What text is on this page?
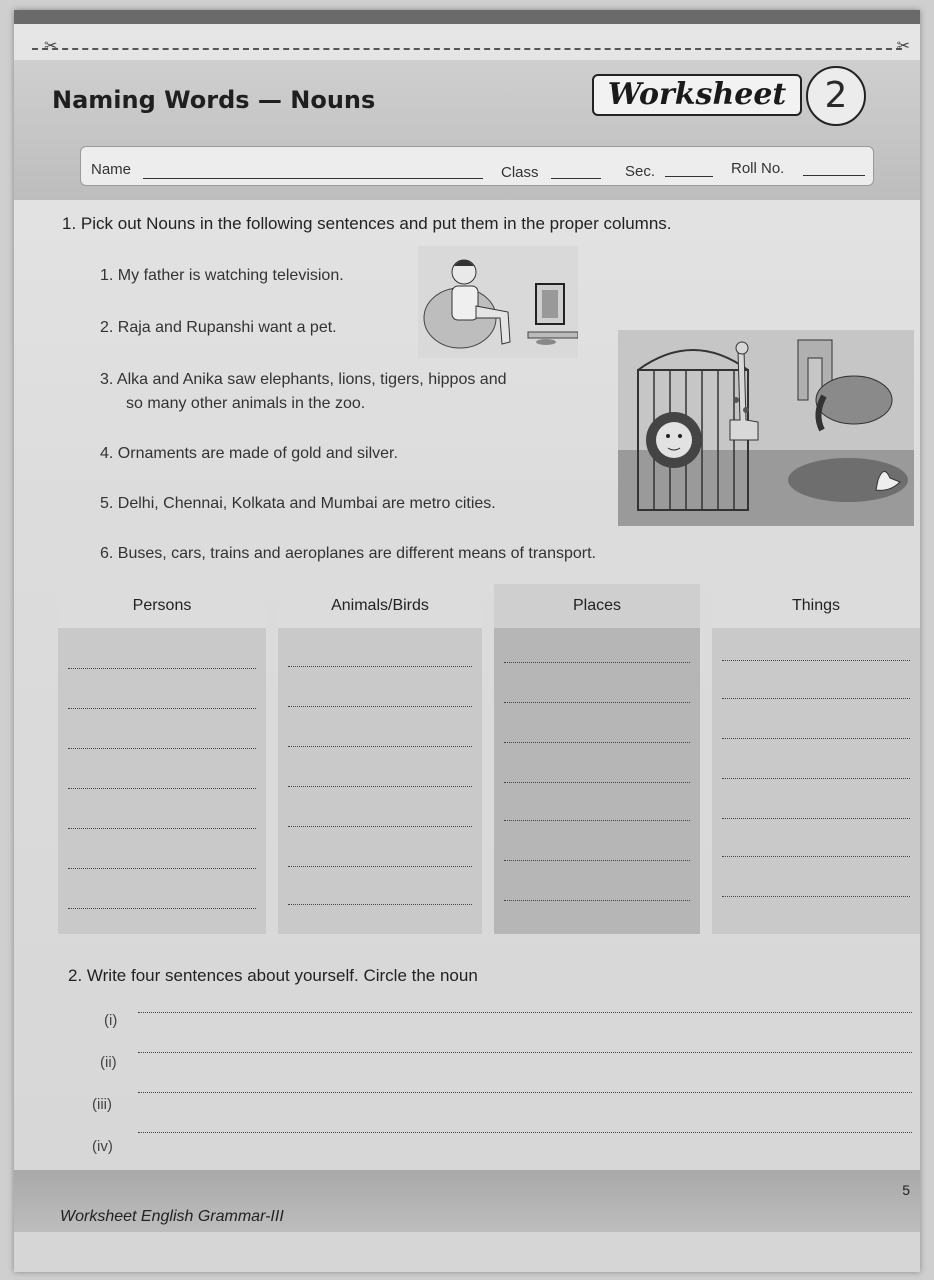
✂	✂
Naming Words — Nouns	Worksheet	2
Name	Class	Sec.	Roll No.
1. Pick out Nouns in the following sentences and put them in the proper columns.
1. My father is watching television.
2. Raja and Rupanshi want a pet.
3. Alka and Anika saw elephants, lions, tigers, hippos and
so many other animals in the zoo.
4. Ornaments are made of gold and silver.
5. Delhi, Chennai, Kolkata and Mumbai are metro cities.
6. Buses, cars, trains and aeroplanes are different means of transport.
Persons	Animals/Birds	Places	Things
2. Write four sentences about yourself. Circle the noun
(i)
(ii)
(iii)
(iv)
Worksheet English Grammar-III
5
